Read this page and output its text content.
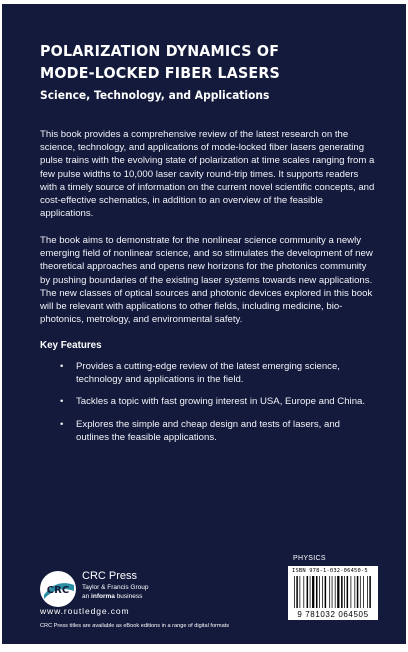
POLARIZATION DYNAMICS OF
MODE-LOCKED FIBER LASERS
Science, Technology, and Applications
This book provides a comprehensive review of the latest research on the science, technology, and applications of mode-locked fiber lasers generating pulse trains with the evolving state of polarization at time scales ranging from a few pulse widths to 10,000 laser cavity round-trip times. It supports readers with a timely source of information on the current novel scientific concepts, and cost-effective schematics, in addition to an overview of the feasible applications.
The book aims to demonstrate for the nonlinear science community a newly emerging field of nonlinear science, and so stimulates the development of new theoretical approaches and opens new horizons for the photonics community by pushing boundaries of the existing laser systems towards new applications. The new classes of optical sources and photonic devices explored in this book will be relevant with applications to other fields, including medicine, bio-photonics, metrology, and environmental safety.
Key Features
• Provides a cutting-edge review of the latest emerging science, technology and applications in the field.
• Tackles a topic with fast growing interest in USA, Europe and China.
• Explores the simple and cheap design and tests of lasers, and outlines the feasible applications.
PHYSICS
ISBN 978-1-032-06450-5
9 781032 064505
CRC
CRC Press
Taylor & Francis Group
an informa business
www.routledge.com
CRC Press titles are available as eBook editions in a range of digital formats
